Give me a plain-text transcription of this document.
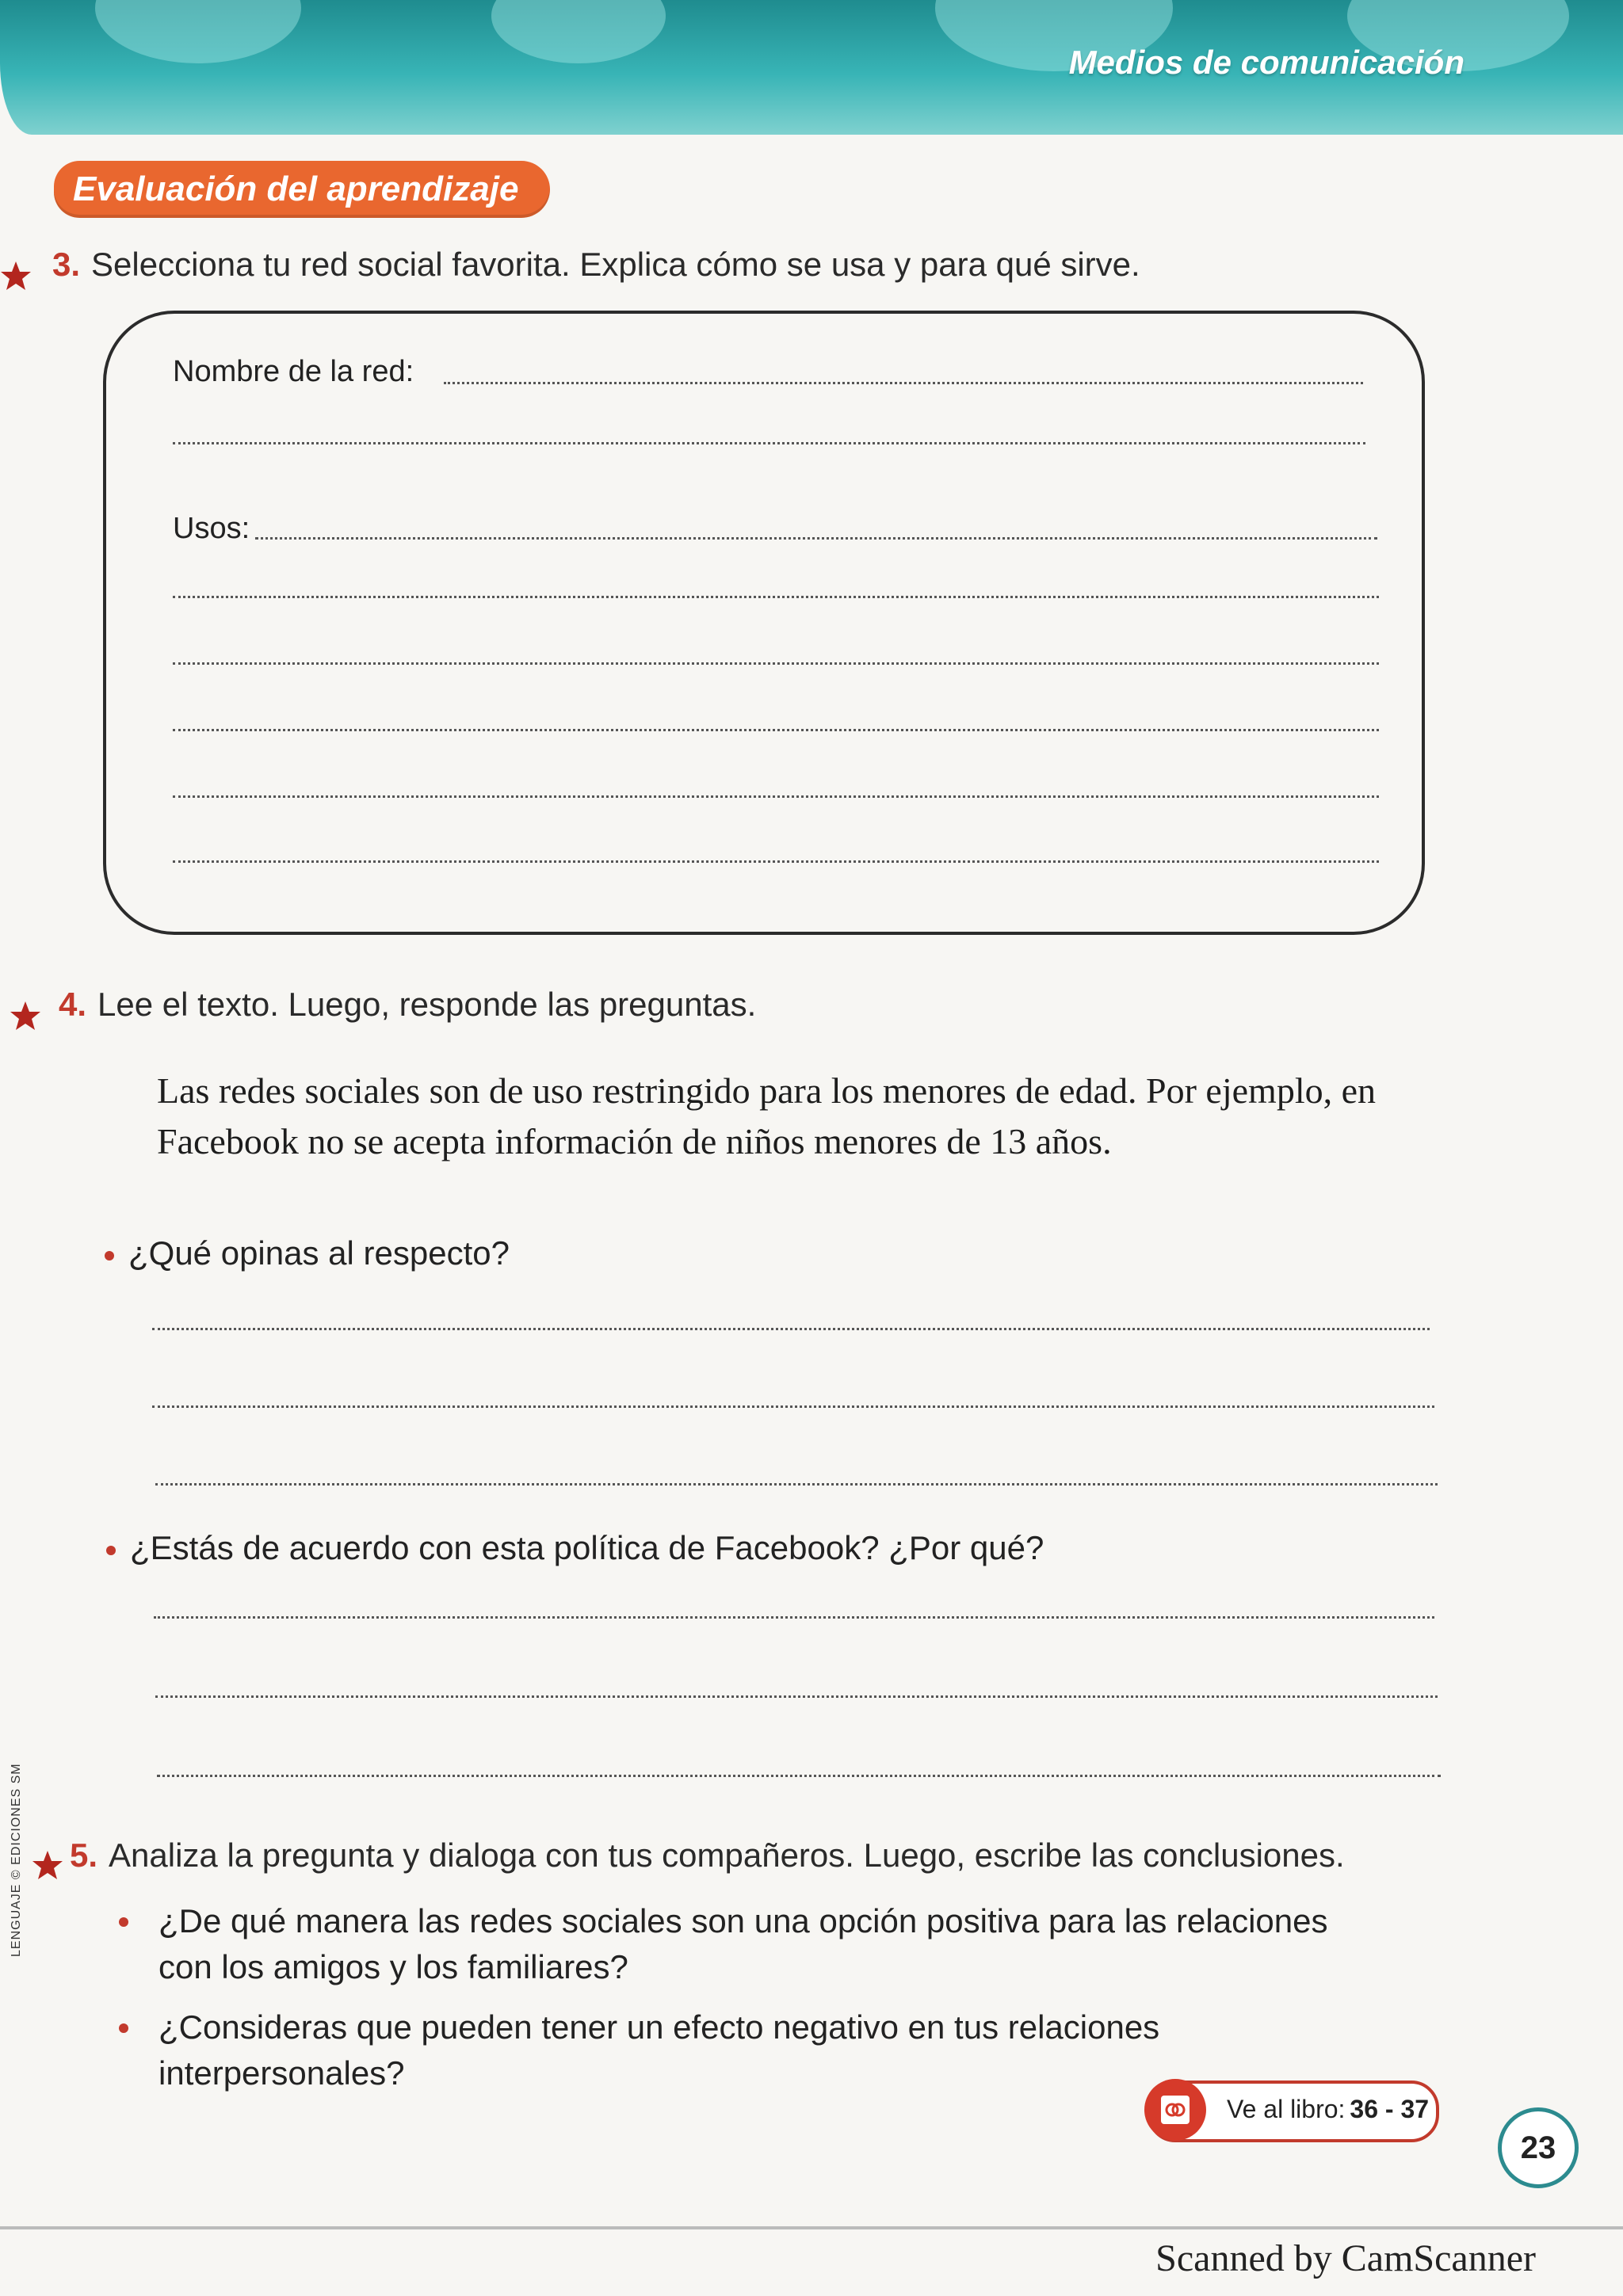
Medios de comunicación
Evaluación del aprendizaje
3. Selecciona tu red social favorita. Explica cómo se usa y para qué sirve.
Nombre de la red:
Usos:
4. Lee el texto. Luego, responde las preguntas.
Las redes sociales son de uso restringido para los menores de edad. Por ejemplo, en Facebook no se acepta información de niños menores de 13 años.
¿Qué opinas al respecto?
¿Estás de acuerdo con esta política de Facebook? ¿Por qué?
5. Analiza la pregunta y dialoga con tus compañeros. Luego, escribe las conclusiones.
¿De qué manera las redes sociales son una opción positiva para las relaciones con los amigos y los familiares?
¿Consideras que pueden tener un efecto negativo en tus relaciones interpersonales?
Ve al libro: 36 - 37
23
LENGUAJE © EDICIONES SM
Scanned by CamScanner
